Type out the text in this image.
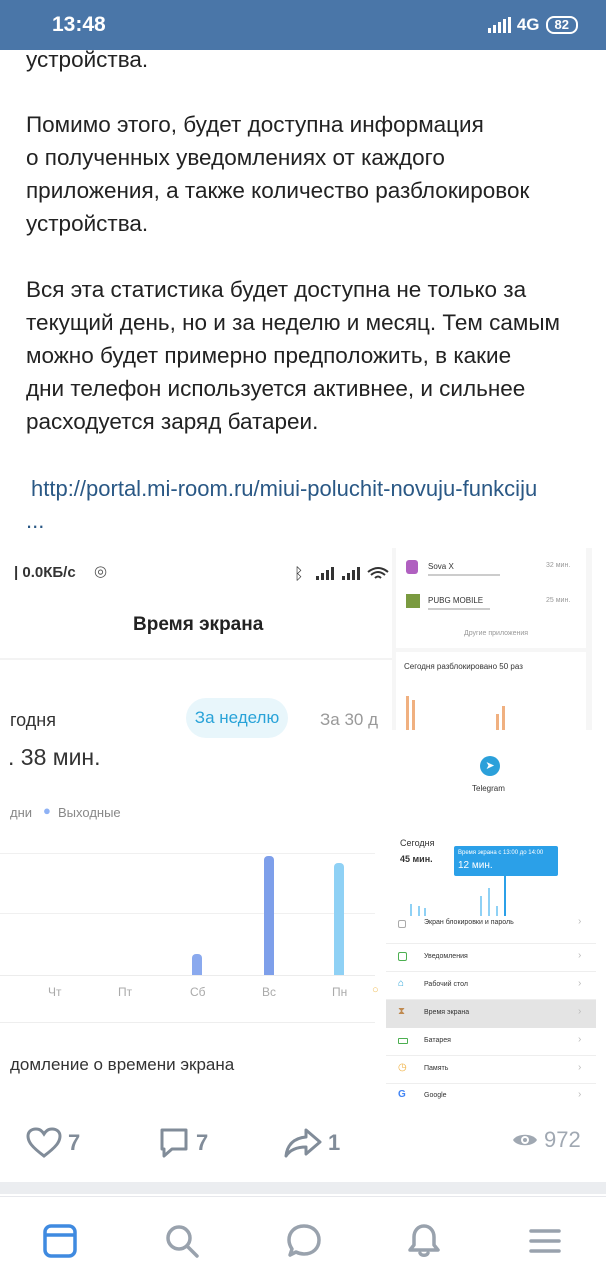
13:48	4G	82
устройства.
Помимо этого, будет доступна информация
о полученных уведомлениях от каждого
приложения, а также количество разблокировок
устройства.
Вся эта статистика будет доступна не только за
текущий день, но и за неделю и месяц. Тем самым
можно будет примерно предположить, в какие
дни телефон используется активнее, и сильнее
расходуется заряд батареи.
http://portal.mi-room.ru/miui-poluchit-novuju-funkciju
...
| 0.0КБ/с ◎	ᛒ
Время экрана
годня	За неделю	За 30 д
. 38 мин.
дни ● Выходные
Чт	Пт	Сб	Вс	Пн ○
домление о времени экрана
Sova X	32 мин.
PUBG MOBILE	25 мин.
Другие приложения
Сегодня разблокировано 50 раз
➤
Telegram
Сегодня
45 мин.
Время экрана с 13:00 до 14:00
12 мин.
Экран блокировки и пароль	›
Уведомления	›
⌂	Рабочий стол	›
⧗	Время экрана	›
Батарея	›
◷ Память	›
G	Google	›
7	7	1	972
